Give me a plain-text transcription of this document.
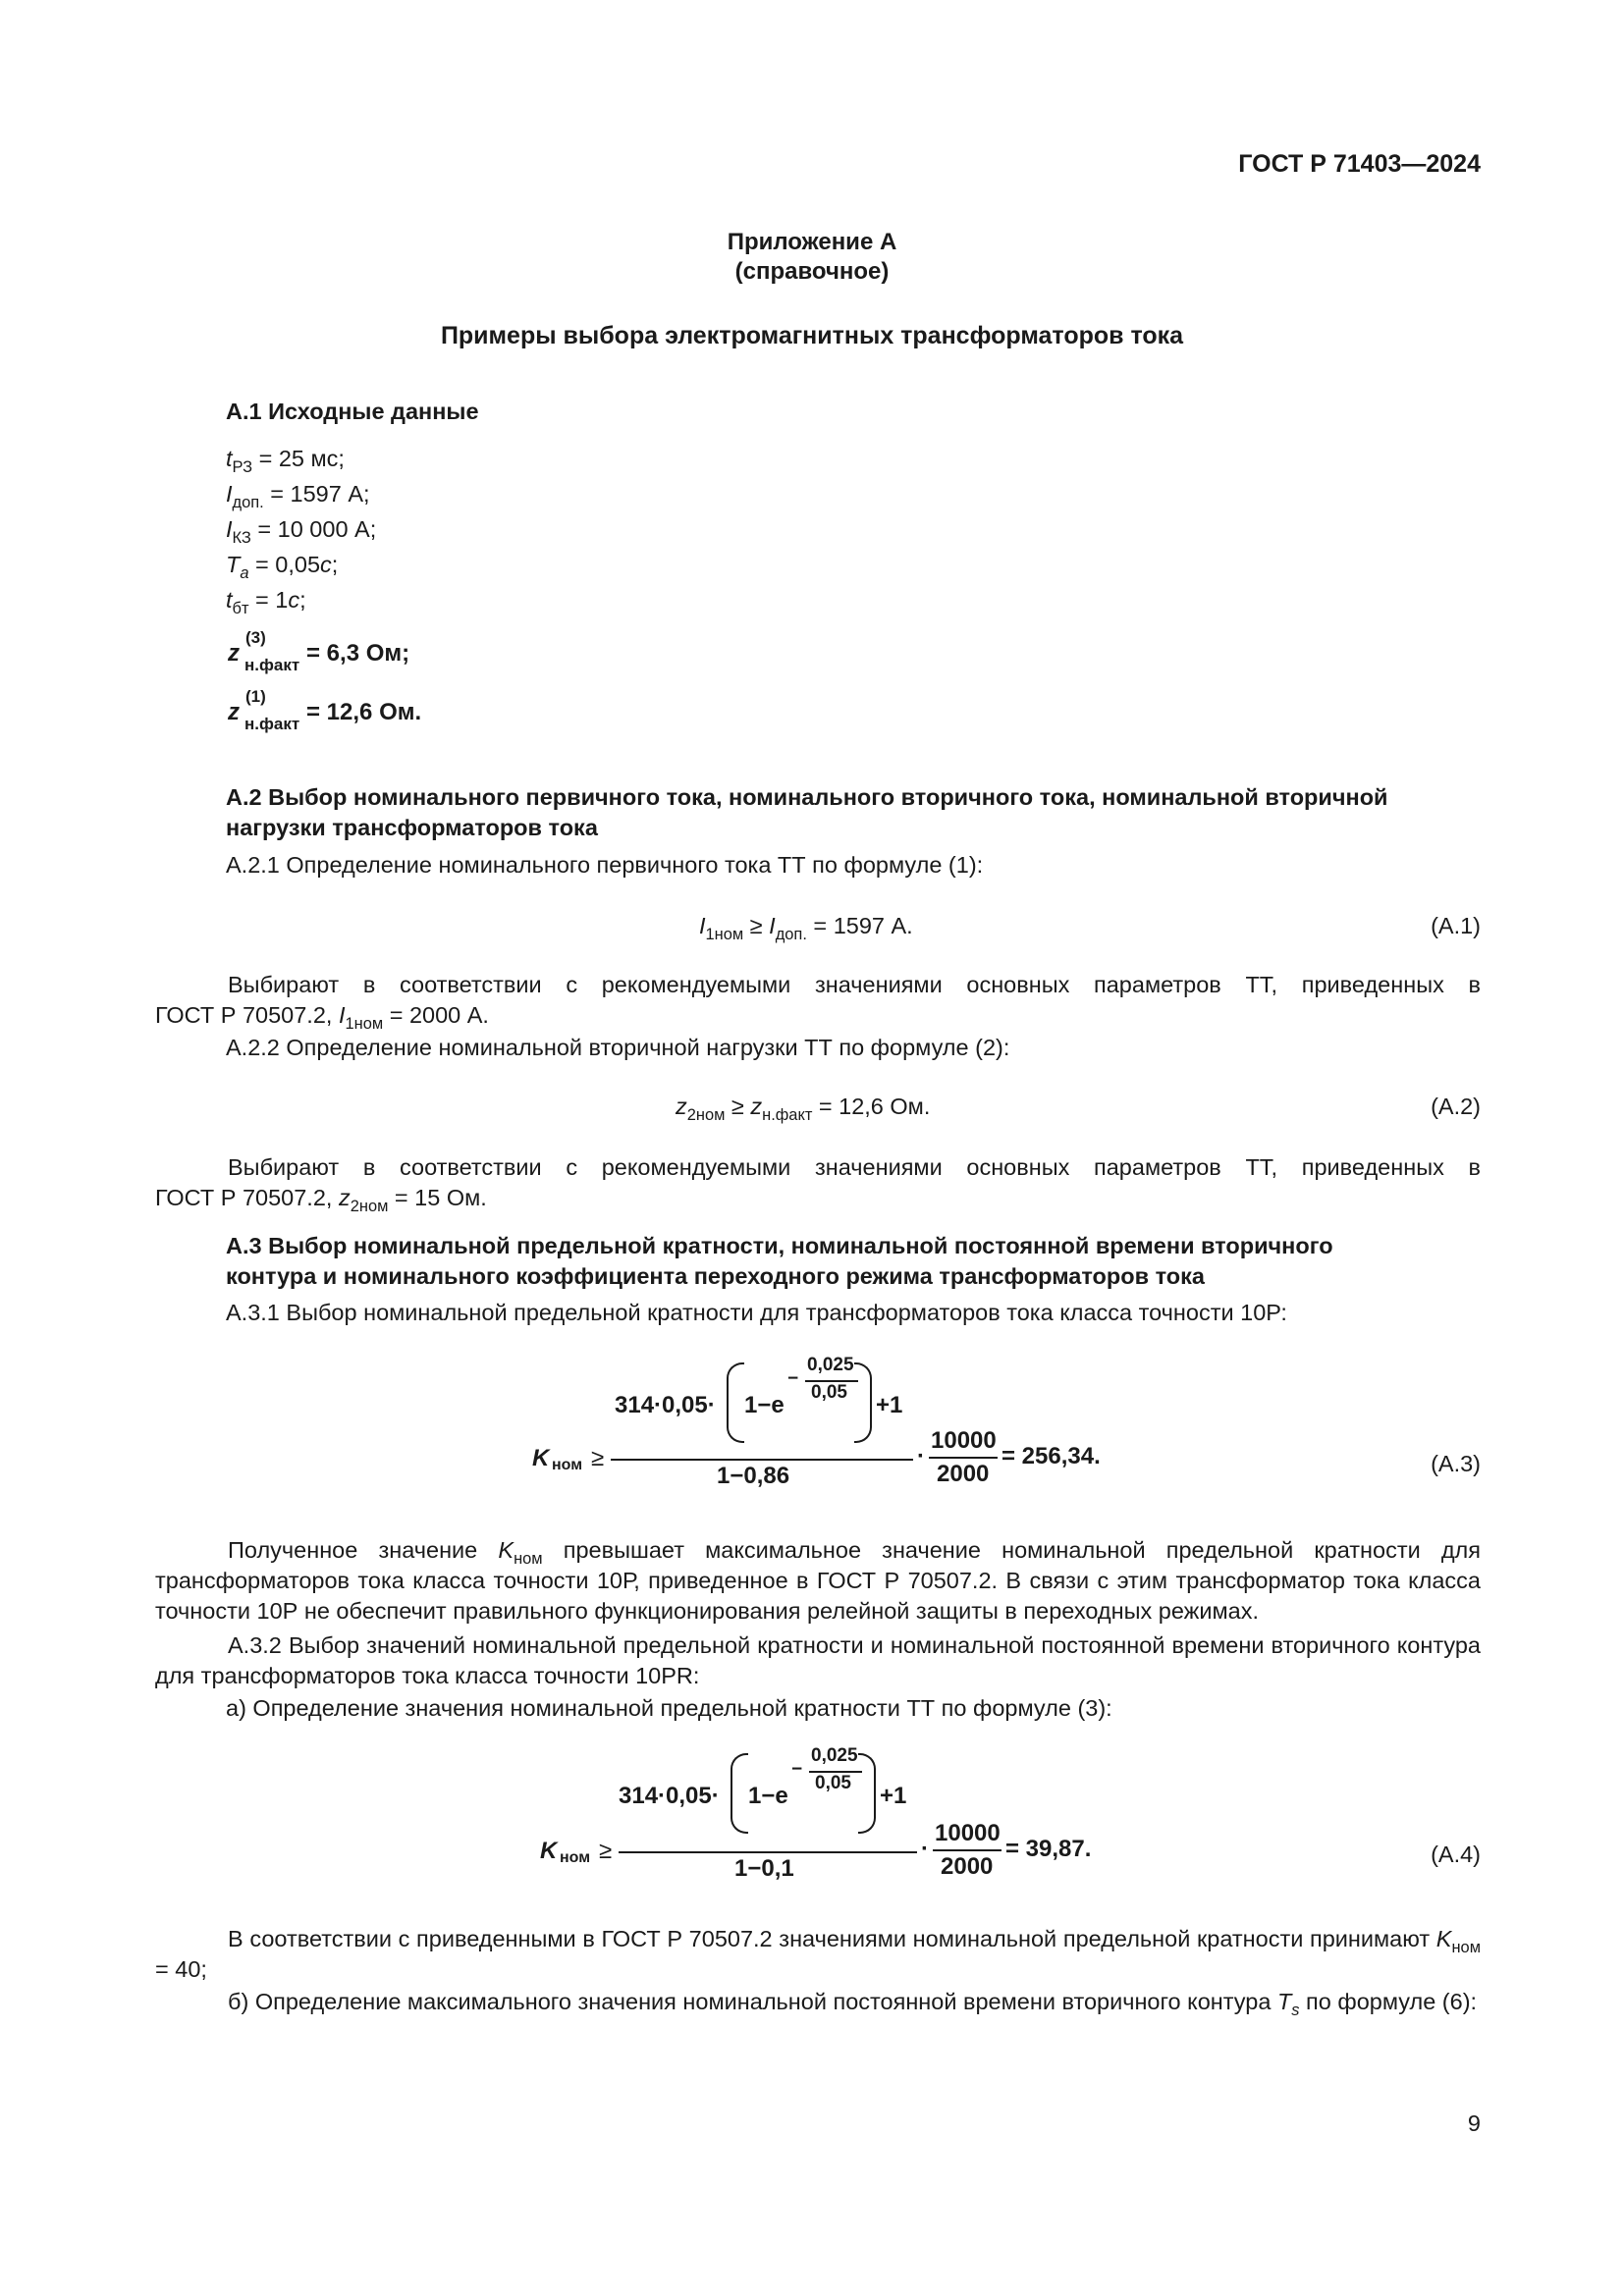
ГОСТ Р 71403—2024
Приложение А
(справочное)
Примеры выбора электромагнитных трансформаторов тока
А.1 Исходные данные
$t_{РЗ} = 25$ мс;
$I_{доп.} = 1597$ А;
$I_{КЗ} = 10$ 000 А;
$T_a = 0,05c$;
$t_{бт} = 1c$;
z
(3)
н.факт = 6,3 Ом;
z
(1)
н.факт = 12,6 Ом.
А.2 Выбор номинального первичного тока, номинального вторичного тока, номинальной вторичной
нагрузки трансформаторов тока
А.2.1 Определение номинального первичного тока ТТ по формуле (1):
$I_{1ном} \ge I_{доп.} = 1597$ А.	(A.1)
Выбирают в соответствии с рекомендуемыми значениями основных параметров ТТ, приведенных в
ГОСТ Р 70507.2, $I_{1ном} = 2000$ А.
А.2.2 Определение номинальной вторичной нагрузки ТТ по формуле (2):
$z_{2ном} \ge z_{н.факт} = 12,6$ Ом.	(A.2)
Выбирают в соответствии с рекомендуемыми значениями основных параметров ТТ, приведенных в
ГОСТ Р 70507.2, $z_{2ном} = 15$ Ом.
А.3 Выбор номинальной предельной кратности, номинальной постоянной времени вторичного
контура и номинального коэффициента переходного режима трансформаторов тока
А.3.1 Выбор номинальной предельной кратности для трансформаторов тока класса точности 10Р:
K ном ≥
314·0,05· 1−e
−
0,025
0,05 +1
1−0,86
·
10000
2000
= 256,34.	(A.3)
Полученное значение $K_{ном}$ превышает максимальное значение номинальной предельной кратности для трансформаторов тока класса точности 10Р, приведенное в ГОСТ Р 70507.2. В связи с этим трансформатор тока класса точности 10Р не обеспечит правильного функционирования релейной защиты в переходных режимах.
А.3.2 Выбор значений номинальной предельной кратности и номинальной постоянной времени вторичного контура для трансформаторов тока класса точности 10PR:
а) Определение значения номинальной предельной кратности ТТ по формуле (3):
K ном ≥
314·0,05· 1−e
−
0,025
0,05 +1
1−0,1
·
10000
2000
= 39,87.	(A.4)
В соответствии с приведенными в ГОСТ Р 70507.2 значениями номинальной предельной кратности принимают $K_{ном} = 40$;
б) Определение максимального значения номинальной постоянной времени вторичного контура $T_s$ по формуле (6):
9
